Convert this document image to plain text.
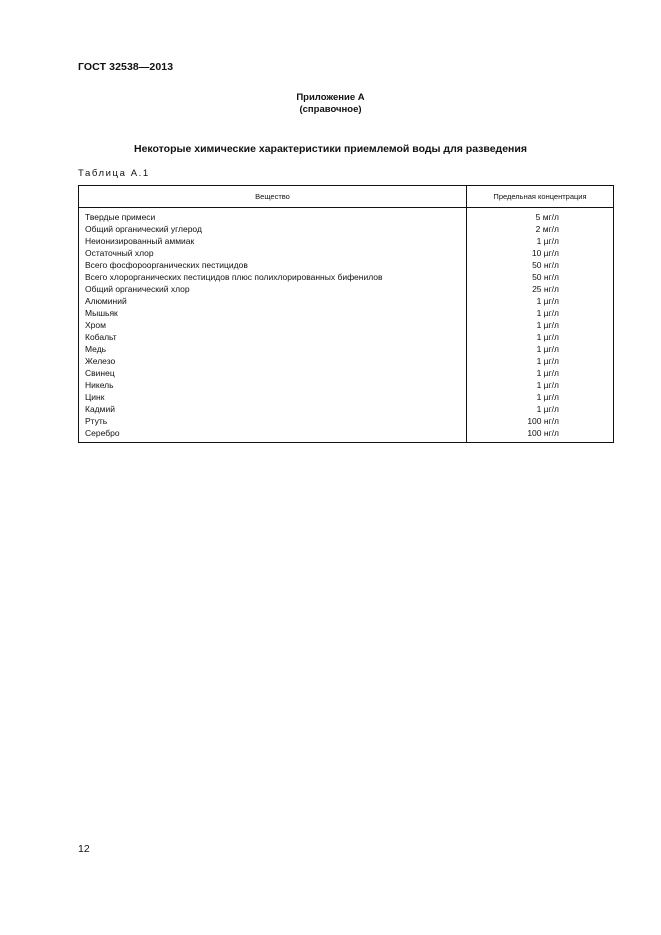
ГОСТ 32538—2013
Приложение А
(справочное)
Некоторые химические характеристики приемлемой воды для разведения
Таблица А.1
Вещество	Предельная концентрация
Твердые примеси	5 мг/л
Общий органический углерод	2 мг/л
Неионизированный аммиак	1 µг/л
Остаточный хлор	10 µг/л
Всего фосфороорганических пестицидов	50 нг/л
Всего хлорорганических пестицидов плюс полихлорированных бифенилов	50 нг/л
Общий органический хлор	25 нг/л
Алюминий	1 µг/л
Мышьяк	1 µг/л
Хром	1 µг/л
Кобальт	1 µг/л
Медь	1 µг/л
Железо	1 µг/л
Свинец	1 µг/л
Никель	1 µг/л
Цинк	1 µг/л
Кадмий	1 µг/л
Ртуть	100 нг/л
Серебро	100 нг/л
12
